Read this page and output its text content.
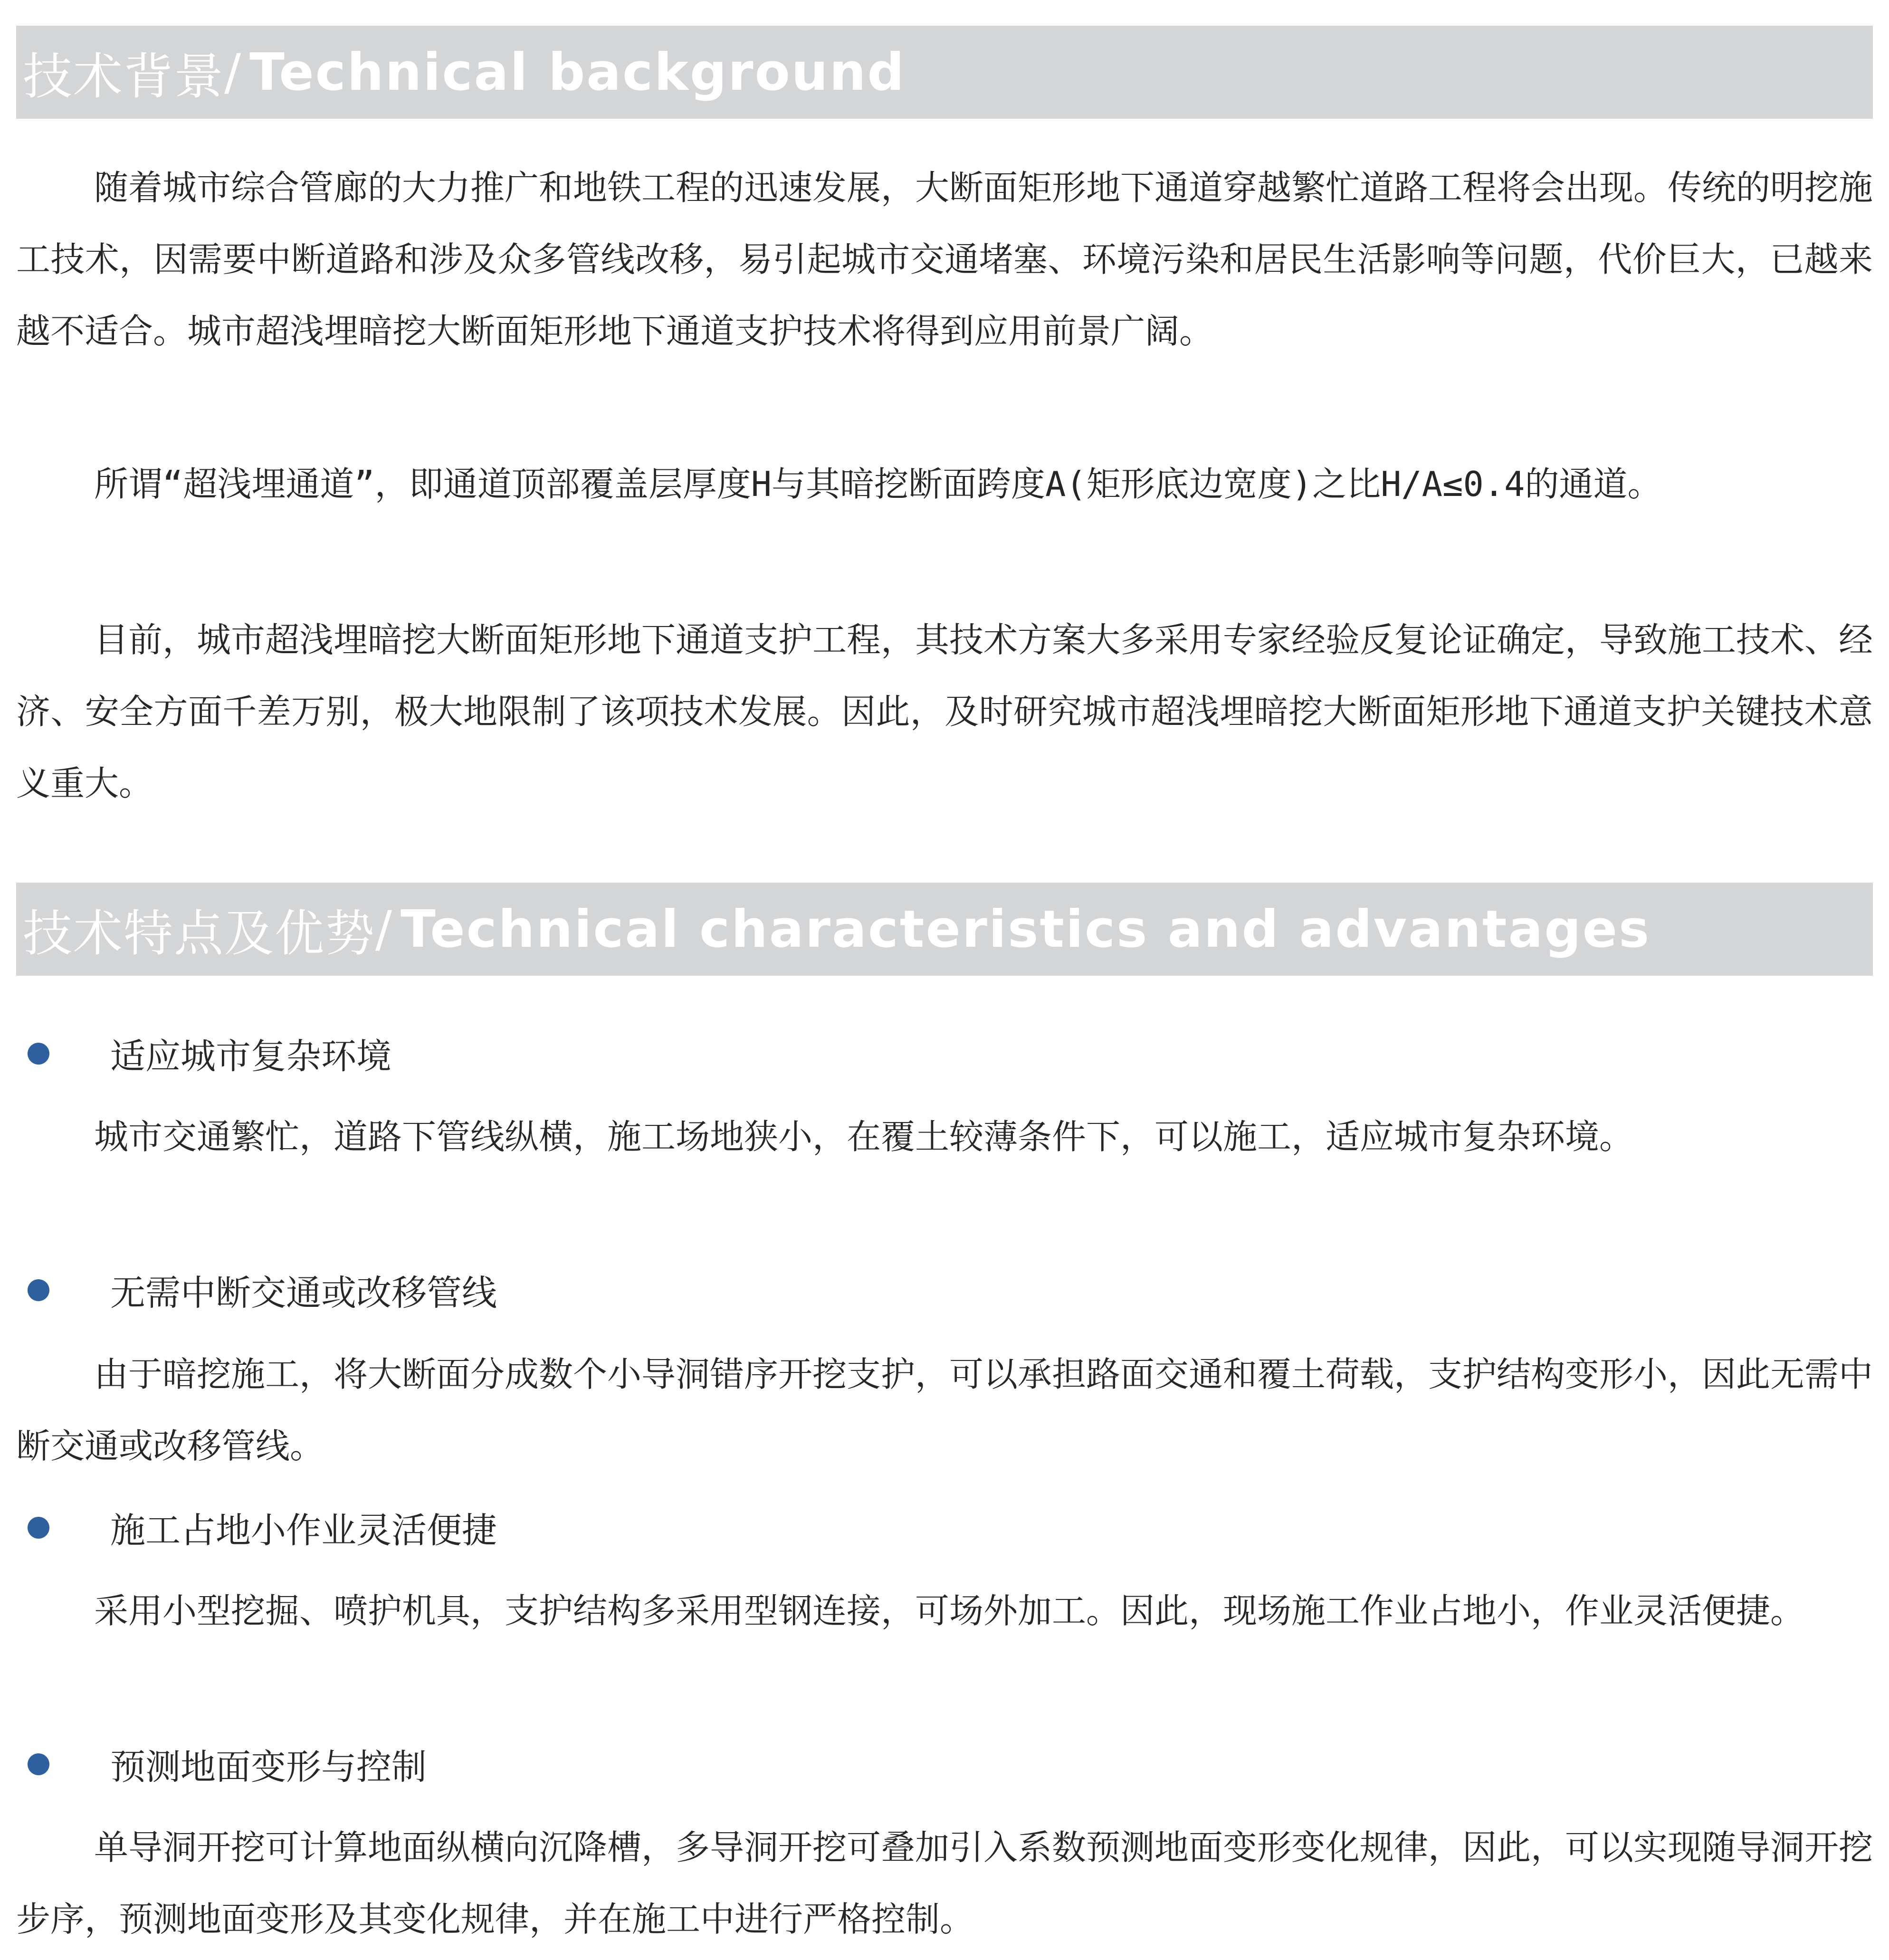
技术背景 / Technical background

随着城市综合管廊的大力推广和地铁工程的迅速发展，大断面矩形地下通道穿越繁忙道路工程将会出现。传统的明挖施工技术，因需要中断道路和涉及众多管线改移，易引起城市交通堵塞、环境污染和居民生活影响等问题，代价巨大，已越来越不适合。城市超浅埋暗挖大断面矩形地下通道支护技术将得到应用前景广阔。

所谓“超浅埋通道”，即通道顶部覆盖层厚度H与其暗挖断面跨度A(矩形底边宽度)之比H/A≤0.4的通道。

目前，城市超浅埋暗挖大断面矩形地下通道支护工程，其技术方案大多采用专家经验反复论证确定，导致施工技术、经济、安全方面千差万别，极大地限制了该项技术发展。因此，及时研究城市超浅埋暗挖大断面矩形地下通道支护关键技术意义重大。

技术特点及优势 / Technical characteristics and advantages
适应城市复杂环境

城市交通繁忙，道路下管线纵横，施工场地狭小，在覆土较薄条件下，可以施工，适应城市复杂环境。

无需中断交通或改移管线

由于暗挖施工，将大断面分成数个小导洞错序开挖支护，可以承担路面交通和覆土荷载，支护结构变形小，因此无需中断交通或改移管线。

施工占地小作业灵活便捷

采用小型挖掘、喷护机具，支护结构多采用型钢连接，可场外加工。因此，现场施工作业占地小，作业灵活便捷。

预测地面变形与控制

单导洞开挖可计算地面纵横向沉降槽，多导洞开挖可叠加引入系数预测地面变形变化规律，因此，可以实现随导洞开挖步序，预测地面变形及其变化规律，并在施工中进行严格控制。
